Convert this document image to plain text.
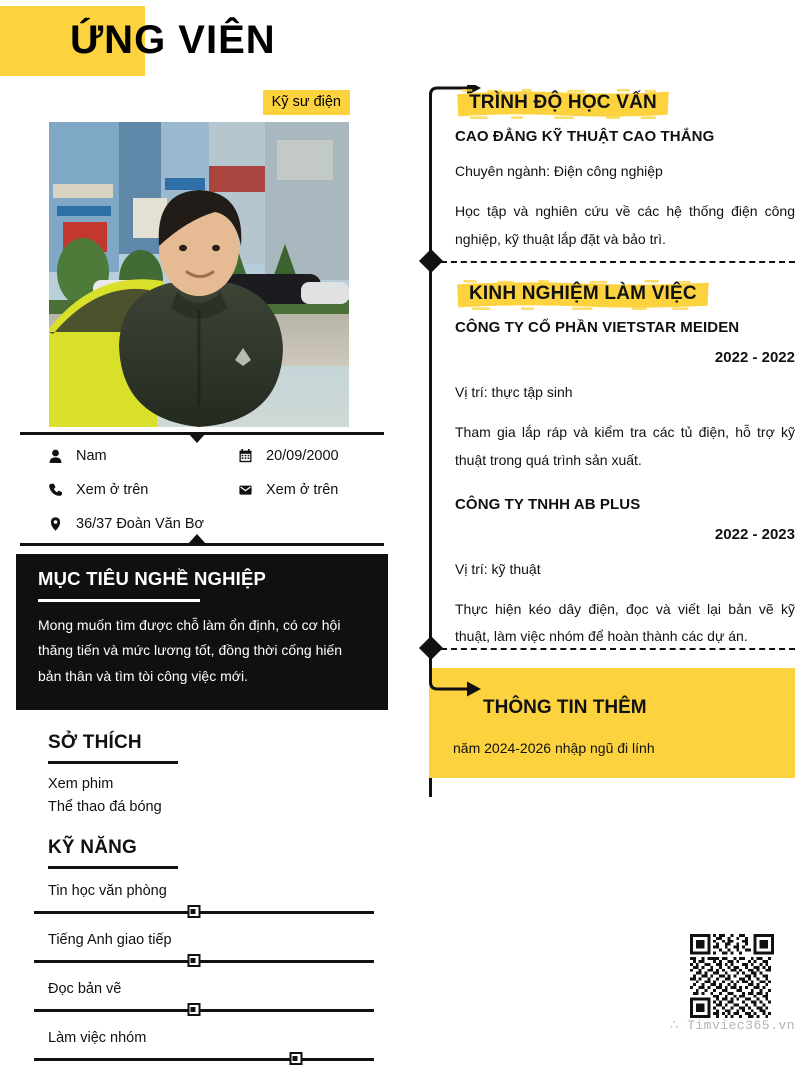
ỨNG VIÊN
Kỹ sư điện
Nam	20/09/2000
Xem ở trên	Xem ở trên
36/37 Đoàn Văn Bơ
MỤC TIÊU NGHỀ NGHIỆP

Mong muốn tìm được chỗ làm ổn định, có cơ hội thăng tiến và mức lương tốt, đồng thời cống hiến bản thân và tìm tòi công việc mới.

SỞ THÍCH
Xem phim
Thể thao đá bóng
KỸ NĂNG
Tin học văn phòng
Tiếng Anh giao tiếp
Đọc bản vẽ
Làm việc nhóm
TRÌNH ĐỘ HỌC VẤN
CAO ĐẲNG KỸ THUẬT CAO THẮNG
Chuyên ngành: Điện công nghiệp
Học tập và nghiên cứu về các hệ thống điện công nghiệp, kỹ thuật lắp đặt và bảo trì.
KINH NGHIỆM LÀM VIỆC
CÔNG TY CỔ PHẦN VIETSTAR MEIDEN
2022 - 2022
Vị trí: thực tập sinh
Tham gia lắp ráp và kiểm tra các tủ điện, hỗ trợ kỹ thuật trong quá trình sản xuất.
CÔNG TY TNHH AB PLUS
2022 - 2023
Vị trí: kỹ thuật
Thực hiện kéo dây điện, đọc và viết lại bản vẽ kỹ thuật, làm việc nhóm để hoàn thành các dự án.
THÔNG TIN THÊM
năm 2024-2026 nhập ngũ đi lính
∴ Timviec365.vn
